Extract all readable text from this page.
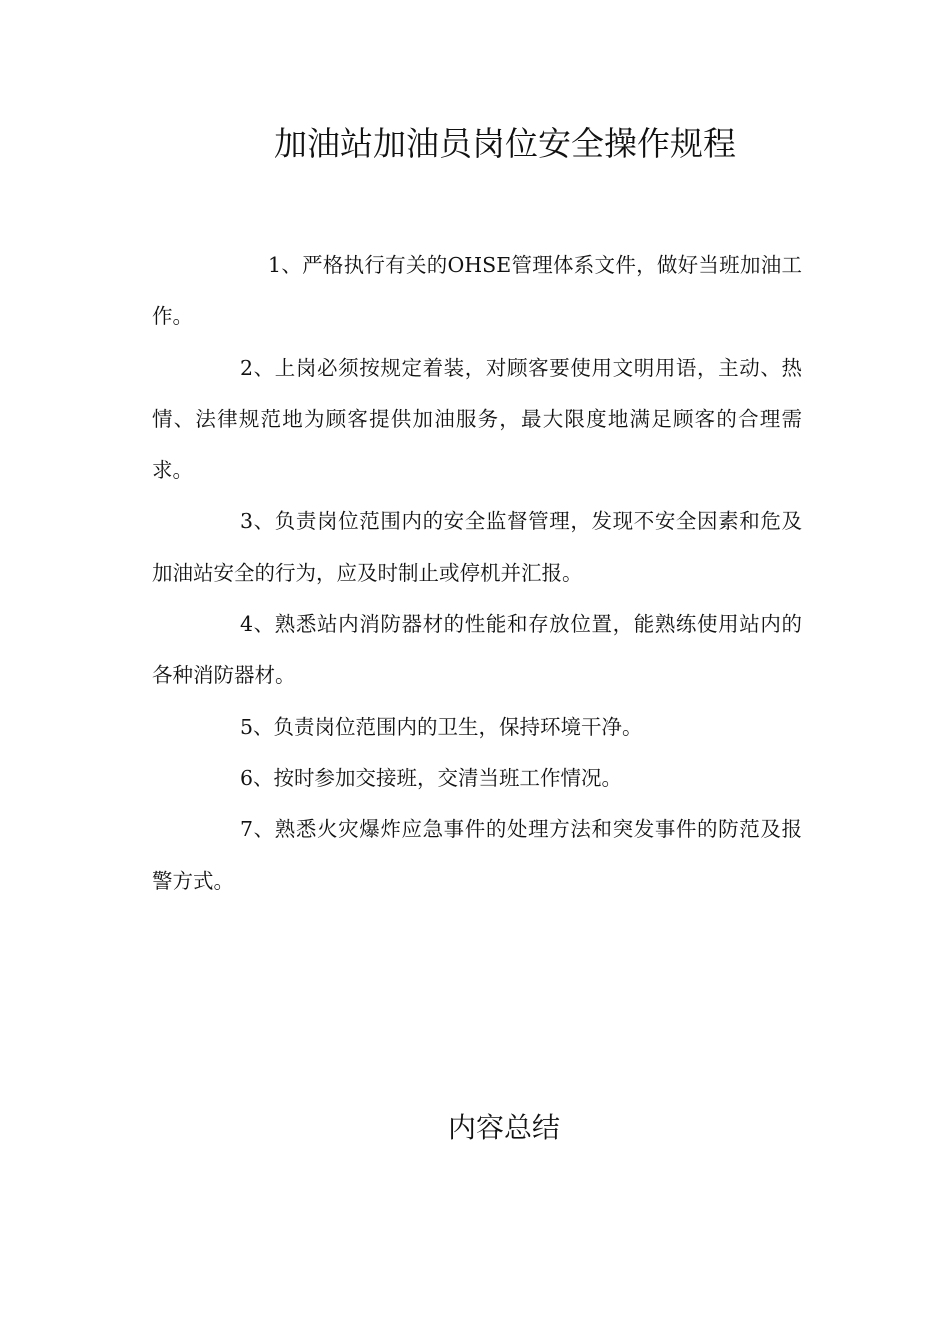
加油站加油员岗位安全操作规程

1、严格执行有关的OHSE管理体系文件，做好当班加油工作。

2、上岗必须按规定着装，对顾客要使用文明用语，主动、热情、法律规范地为顾客提供加油服务，最大限度地满足顾客的合理需求。

3、负责岗位范围内的安全监督管理，发现不安全因素和危及加油站安全的行为，应及时制止或停机并汇报。

4、熟悉站内消防器材的性能和存放位置，能熟练使用站内的各种消防器材。

5、负责岗位范围内的卫生，保持环境干净。

6、按时参加交接班，交清当班工作情况。

7、熟悉火灾爆炸应急事件的处理方法和突发事件的防范及报警方式。

内容总结
